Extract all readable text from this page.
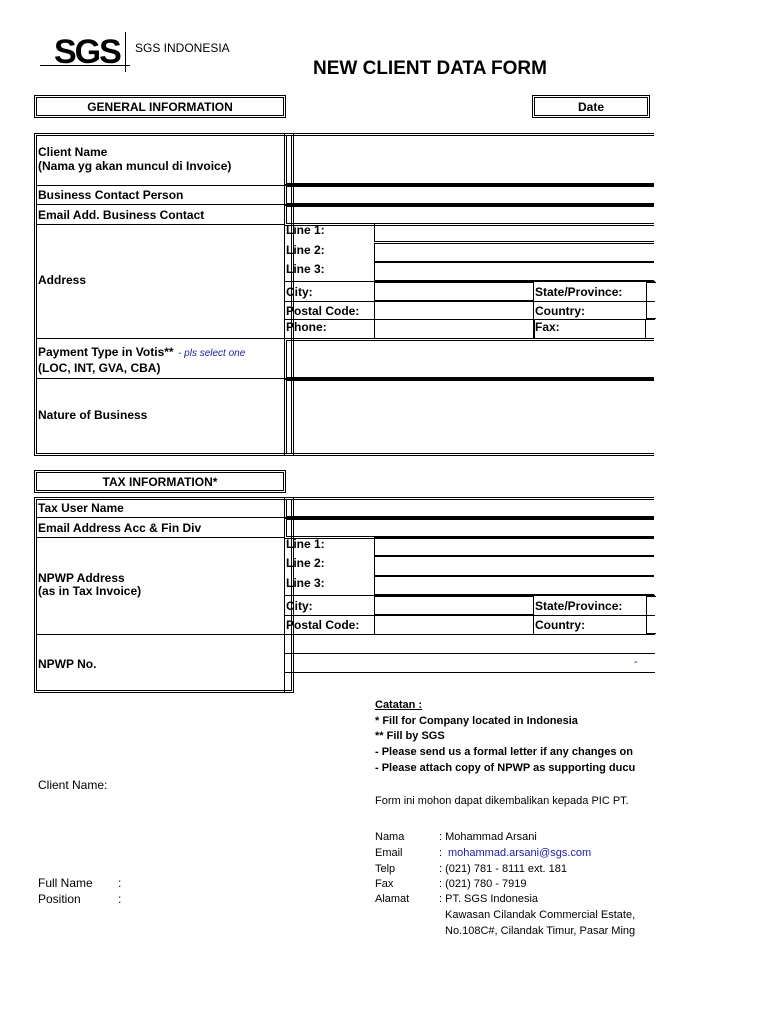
SGS SGS INDONESIA
NEW CLIENT DATA FORM
GENERAL INFORMATION	Date
Client Name
(Nama yg akan muncul di Invoice)
Business Contact Person
Email Add. Business Contact
Address
Line 1:
Line 2:
Line 3:
City:	State/Province:
Postal Code:	Country:
Phone:	Fax:
Payment Type in Votis** - pls select one
(LOC, INT, GVA, CBA)
Nature of Business
TAX INFORMATION*
Tax User Name
Email Address Acc & Fin Div
NPWP Address
(as in Tax Invoice)
Line 1:
Line 2:
Line 3:
City:	State/Province:
Postal Code:	Country:
NPWP No.	-
Catatan :
* Fill for Company located in Indonesia
** Fill by SGS
- Please send us a formal letter if any changes on
- Please attach copy of NPWP as supporting ducu
Form ini mohon dapat dikembalikan kepada PIC PT.
Nama	: Mohammad Arsani
Email	: mohammad.arsani@sgs.com
Telp	: (021) 781 - 8111 ext. 181
Fax	: (021) 780 - 7919
Alamat	: PT. SGS Indonesia
Kawasan Cilandak Commercial Estate,
No.108C#, Cilandak Timur, Pasar Ming
Client Name:
Full Name :
Position	:
